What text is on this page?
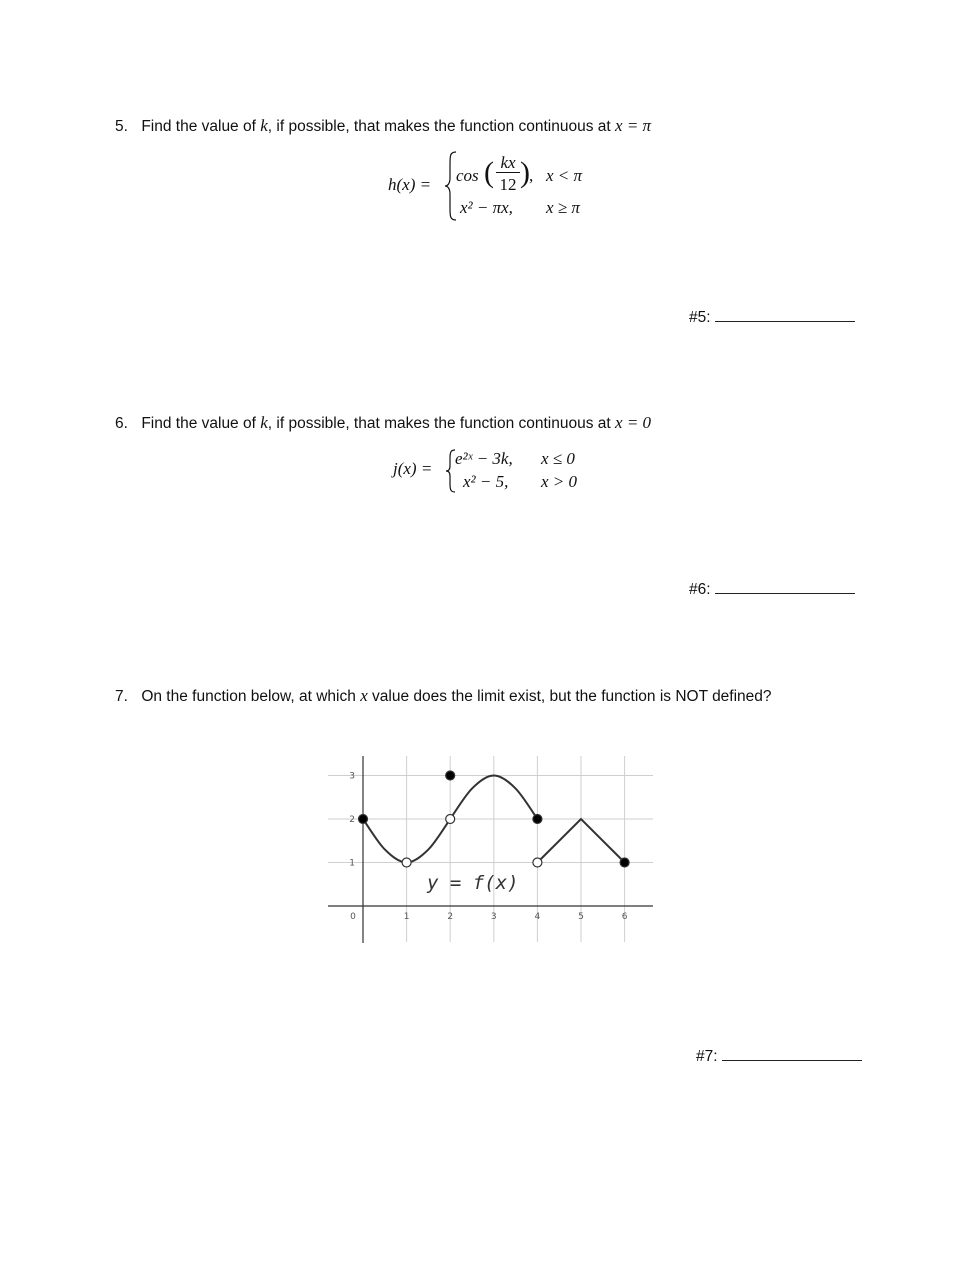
5. Find the value of k, if possible, that makes the function continuous at x = π
h(x) = cos ( kx
12 ) , x < π
x² − πx, x ≥ π
#5:
6. Find the value of k, if possible, that makes the function continuous at x = 0
j(x) =
e²ˣ − 3k, x ≤ 0
x² − 5, x > 0
#6:
7. On the function below, at which x value does the limit exist, but the function is NOT defined?
0	1	2	3	4	5	6
1
2
3
y = f(x)
#7:
